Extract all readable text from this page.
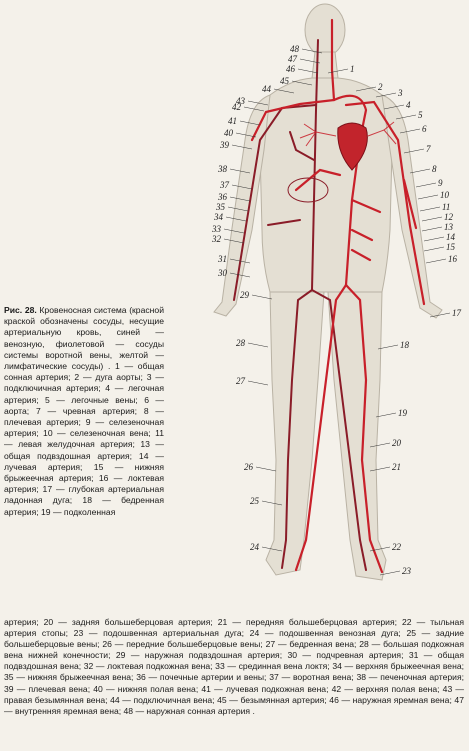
1
2
3
4
5
6
7
8
9
10
11
12
13
14
15
16
17
18
19
20
21
22
23
24
25
26
27
28
29
30
31
32
33
34
35
36
37
38
39
40
41
42
43
44
45
46
47
48
Рис. 28. Кровеносная система (красной краской обозначены сосуды, несущие артериальную кровь, синей — венозную, фиолетовой — сосуды системы воротной вены, желтой — лимфатические сосуды) . 1 — общая сонная артерия; 2 — дуга аорты; 3 — подключичная артерия; 4 — легочная артерия; 5 — легочные вены; 6 — аорта; 7 — чревная артерия; 8 — плечевая артерия; 9 — селезеночная артерия; 10 — селезеночная вена; 11 — левая желудочная артерия; 13 — общая подвздошная артерия; 14 — лучевая артерия; 15 — нижняя брыжеечная артерия; 16 — локтевая артерия; 17 — глубокая артериальная ладонная дуга; 18 — бедренная артерия; 19 — подколенная
артерия; 20 — задняя большеберцовая артерия; 21 — передняя большеберцовая артерия; 22 — тыльная артерия стопы; 23 — подошвенная артериальная дуга; 24 — подошвенная венозная дуга; 25 — задние большеберцовые вены; 26 — передние большеберцовые вены; 27 — бедренная вена; 28 — большая подкожная вена нижней конечности; 29 — наружная подвздошная артерия; 30 — подчревная артерия; 31 — общая подвздошная вена; 32 — локтевая подкожная вена; 33 — срединная вена локтя; 34 — верхняя брыжеечная вена; 35 — нижняя брыжеечная вена; 36 — почечные артерии и вены; 37 — воротная вена; 38 — печеночная артерия; 39 — плечевая вена; 40 — нижняя полая вена; 41 — лучевая подкожная вена; 42 — верхняя полая вена; 43 — правая безымянная вена; 44 — подключичная вена; 45 — безымянная артерия; 46 — наружная яремная вена; 47 — внутренняя яремная вена; 48 — наружная сонная артерия .
